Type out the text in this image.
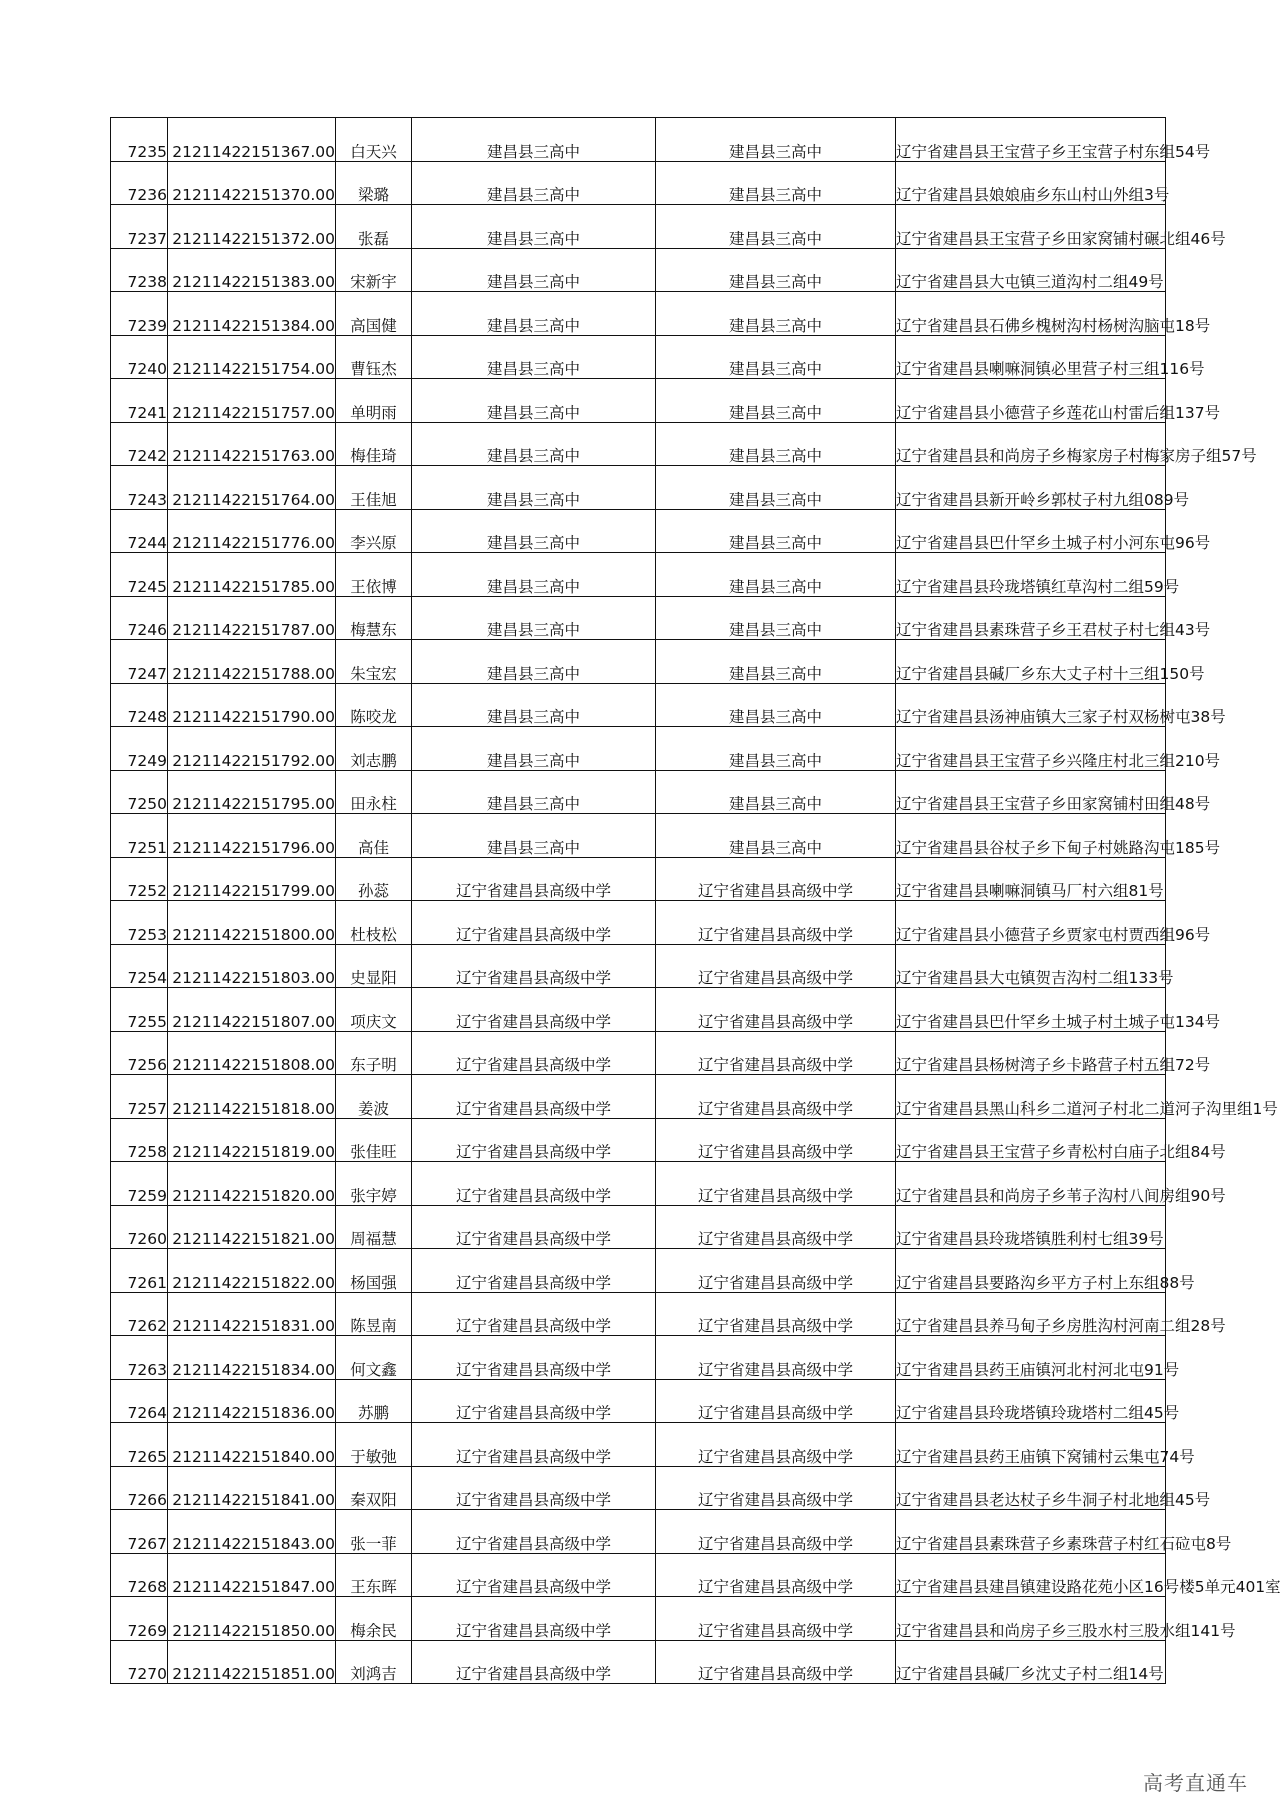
7235	21211422151367.00	白天兴	建昌县三高中	建昌县三高中	辽宁省建昌县王宝营子乡王宝营子村东组54号
7236	21211422151370.00	梁璐	建昌县三高中	建昌县三高中	辽宁省建昌县娘娘庙乡东山村山外组3号
7237	21211422151372.00	张磊	建昌县三高中	建昌县三高中	辽宁省建昌县王宝营子乡田家窝铺村碾北组46号
7238	21211422151383.00	宋新宇	建昌县三高中	建昌县三高中	辽宁省建昌县大屯镇三道沟村二组49号
7239	21211422151384.00	高国健	建昌县三高中	建昌县三高中	辽宁省建昌县石佛乡槐树沟村杨树沟脑屯18号
7240	21211422151754.00	曹钰杰	建昌县三高中	建昌县三高中	辽宁省建昌县喇嘛洞镇必里营子村三组116号
7241	21211422151757.00	单明雨	建昌县三高中	建昌县三高中	辽宁省建昌县小德营子乡莲花山村雷后组137号
7242	21211422151763.00	梅佳琦	建昌县三高中	建昌县三高中	辽宁省建昌县和尚房子乡梅家房子村梅家房子组57号
7243	21211422151764.00	王佳旭	建昌县三高中	建昌县三高中	辽宁省建昌县新开岭乡郭杖子村九组089号
7244	21211422151776.00	李兴原	建昌县三高中	建昌县三高中	辽宁省建昌县巴什罕乡土城子村小河东屯96号
7245	21211422151785.00	王依博	建昌县三高中	建昌县三高中	辽宁省建昌县玲珑塔镇红草沟村二组59号
7246	21211422151787.00	梅慧东	建昌县三高中	建昌县三高中	辽宁省建昌县素珠营子乡王君杖子村七组43号
7247	21211422151788.00	朱宝宏	建昌县三高中	建昌县三高中	辽宁省建昌县碱厂乡东大丈子村十三组150号
7248	21211422151790.00	陈咬龙	建昌县三高中	建昌县三高中	辽宁省建昌县汤神庙镇大三家子村双杨树屯38号
7249	21211422151792.00	刘志鹏	建昌县三高中	建昌县三高中	辽宁省建昌县王宝营子乡兴隆庄村北三组210号
7250	21211422151795.00	田永柱	建昌县三高中	建昌县三高中	辽宁省建昌县王宝营子乡田家窝铺村田组48号
7251	21211422151796.00	高佳	建昌县三高中	建昌县三高中	辽宁省建昌县谷杖子乡下甸子村姚路沟屯185号
7252	21211422151799.00	孙蕊	辽宁省建昌县高级中学	辽宁省建昌县高级中学	辽宁省建昌县喇嘛洞镇马厂村六组81号
7253	21211422151800.00	杜枝松	辽宁省建昌县高级中学	辽宁省建昌县高级中学	辽宁省建昌县小德营子乡贾家屯村贾西组96号
7254	21211422151803.00	史显阳	辽宁省建昌县高级中学	辽宁省建昌县高级中学	辽宁省建昌县大屯镇贺吉沟村二组133号
7255	21211422151807.00	项庆文	辽宁省建昌县高级中学	辽宁省建昌县高级中学	辽宁省建昌县巴什罕乡土城子村土城子屯134号
7256	21211422151808.00	东子明	辽宁省建昌县高级中学	辽宁省建昌县高级中学	辽宁省建昌县杨树湾子乡卡路营子村五组72号
7257	21211422151818.00	姜波	辽宁省建昌县高级中学	辽宁省建昌县高级中学	辽宁省建昌县黑山科乡二道河子村北二道河子沟里组1号
7258	21211422151819.00	张佳旺	辽宁省建昌县高级中学	辽宁省建昌县高级中学	辽宁省建昌县王宝营子乡青松村白庙子北组84号
7259	21211422151820.00	张宇婷	辽宁省建昌县高级中学	辽宁省建昌县高级中学	辽宁省建昌县和尚房子乡苇子沟村八间房组90号
7260	21211422151821.00	周福慧	辽宁省建昌县高级中学	辽宁省建昌县高级中学	辽宁省建昌县玲珑塔镇胜利村七组39号
7261	21211422151822.00	杨国强	辽宁省建昌县高级中学	辽宁省建昌县高级中学	辽宁省建昌县要路沟乡平方子村上东组88号
7262	21211422151831.00	陈昱南	辽宁省建昌县高级中学	辽宁省建昌县高级中学	辽宁省建昌县养马甸子乡房胜沟村河南二组28号
7263	21211422151834.00	何文鑫	辽宁省建昌县高级中学	辽宁省建昌县高级中学	辽宁省建昌县药王庙镇河北村河北屯91号
7264	21211422151836.00	苏鹏	辽宁省建昌县高级中学	辽宁省建昌县高级中学	辽宁省建昌县玲珑塔镇玲珑塔村二组45号
7265	21211422151840.00	于敏弛	辽宁省建昌县高级中学	辽宁省建昌县高级中学	辽宁省建昌县药王庙镇下窝铺村云集屯74号
7266	21211422151841.00	秦双阳	辽宁省建昌县高级中学	辽宁省建昌县高级中学	辽宁省建昌县老达杖子乡牛洞子村北地组45号
7267	21211422151843.00	张一菲	辽宁省建昌县高级中学	辽宁省建昌县高级中学	辽宁省建昌县素珠营子乡素珠营子村红石砬屯8号
7268	21211422151847.00	王东晖	辽宁省建昌县高级中学	辽宁省建昌县高级中学	辽宁省建昌县建昌镇建设路花苑小区16号楼5单元401室
7269	21211422151850.00	梅余民	辽宁省建昌县高级中学	辽宁省建昌县高级中学	辽宁省建昌县和尚房子乡三股水村三股水组141号
7270	21211422151851.00	刘鸿吉	辽宁省建昌县高级中学	辽宁省建昌县高级中学	辽宁省建昌县碱厂乡沈丈子村二组14号
高考直通车
